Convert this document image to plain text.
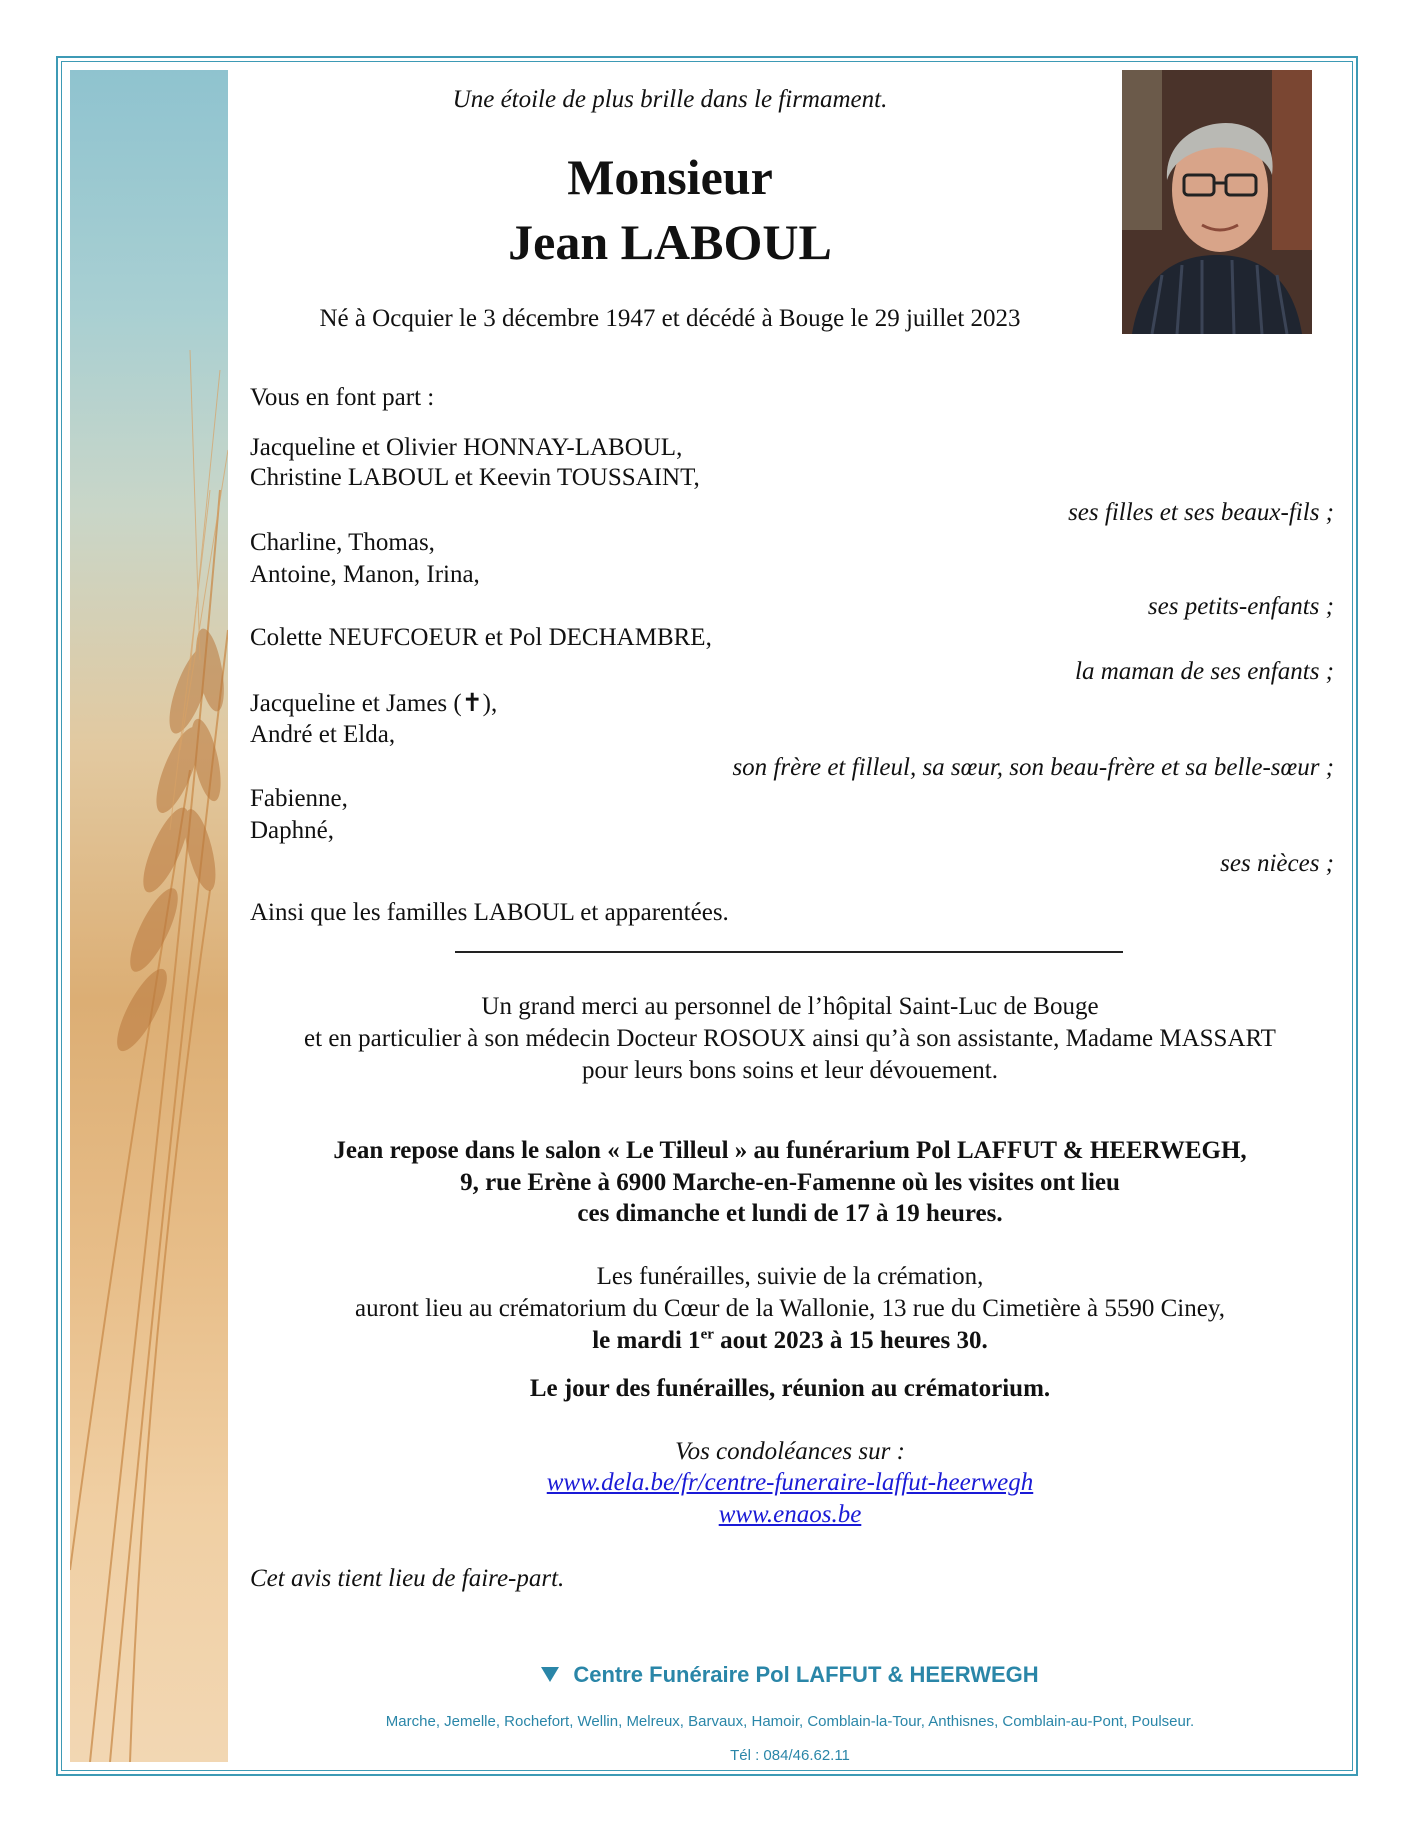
Une étoile de plus brille dans le firmament.
Monsieur
Jean LABOUL
Né à Ocquier le 3 décembre 1947 et décédé à Bouge le 29 juillet 2023
Vous en font part :
Jacqueline et Olivier HONNAY-LABOUL,
Christine LABOUL et Keevin TOUSSAINT,
ses filles et ses beaux-fils ;
Charline, Thomas,
Antoine, Manon, Irina,
ses petits-enfants ;
Colette NEUFCOEUR et Pol DECHAMBRE,
la maman de ses enfants ;
Jacqueline et James (✝),
André et Elda,
son frère et filleul, sa sœur, son beau-frère et sa belle-sœur ;
Fabienne,
Daphné,
ses nièces ;
Ainsi que les familles LABOUL et apparentées.
Un grand merci au personnel de l’hôpital Saint-Luc de Bouge
et en particulier à son médecin Docteur ROSOUX ainsi qu’à son assistante, Madame MASSART
pour leurs bons soins et leur dévouement.
Jean repose dans le salon « Le Tilleul » au funérarium Pol LAFFUT & HEERWEGH,
9, rue Erène à 6900 Marche-en-Famenne où les visites ont lieu
ces dimanche et lundi de 17 à 19 heures.
Les funérailles, suivie de la crémation,
auront lieu au crématorium du Cœur de la Wallonie, 13 rue du Cimetière à 5590 Ciney,
le mardi 1er aout 2023 à 15 heures 30.
Le jour des funérailles, réunion au crématorium.
Vos condoléances sur :
www.dela.be/fr/centre-funeraire-laffut-heerwegh
www.enaos.be
Cet avis tient lieu de faire-part.
Centre Funéraire Pol LAFFUT & HEERWEGH
Marche, Jemelle, Rochefort, Wellin, Melreux, Barvaux, Hamoir, Comblain-la-Tour, Anthisnes, Comblain-au-Pont, Poulseur.
Tél : 084/46.62.11
